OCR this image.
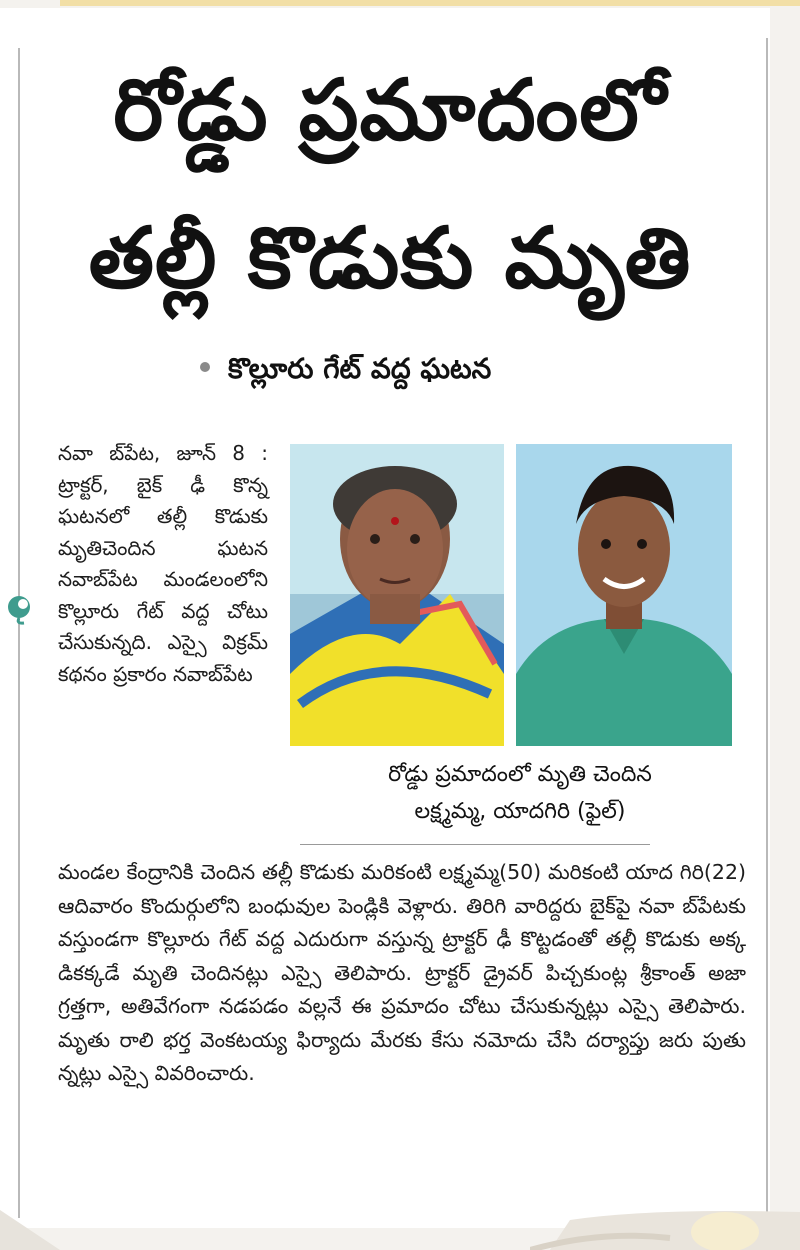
రోడ్డు ప్రమాదంలో
తల్లీ కొడుకు మృతి
కొల్లూరు గేట్ వద్ద ఘటన
నవా బ్‌పేట, జూన్ 8 : ట్రాక్టర్, బైక్ ఢీ కొన్న ఘటనలో తల్లీ కొడుకు మృతిచెందిన ఘటన నవాబ్‌పేట మండలంలోని కొల్లూరు గేట్ వద్ద చోటు చేసుకున్నది. ఎస్సై విక్రమ్ కథనం ప్రకారం నవాబ్‌పేట
రోడ్డు ప్రమాదంలో మృతి చెందిన
లక్ష్మమ్మ, యాదగిరి (ఫైల్)
మండల కేంద్రానికి చెందిన తల్లీ కొడుకు మరికంటి లక్ష్మమ్మ(50) మరికంటి యాద గిరి(22) ఆదివారం కొందుర్గులోని బంధువుల పెండ్లికి వెళ్లారు. తిరిగి వారిద్దరు బైక్‌పై నవా బ్‌పేటకు వస్తుండగా కొల్లూరు గేట్ వద్ద ఎదురుగా వస్తున్న ట్రాక్టర్ ఢీ కొట్టడంతో తల్లీ కొడుకు అక్క డికక్కడే మృతి చెందినట్లు ఎస్సై తెలిపారు. ట్రాక్టర్ డ్రైవర్ పిచ్చకుంట్ల శ్రీకాంత్ అజా గ్రత్తగా, అతివేగంగా నడపడం వల్లనే ఈ ప్రమాదం చోటు చేసుకున్నట్లు ఎస్సై తెలిపారు. మృతు రాలి భర్త వెంకటయ్య ఫిర్యాదు మేరకు కేసు నమోదు చేసి దర్యాప్తు జరు పుతు న్నట్లు ఎస్సై వివరించారు.
